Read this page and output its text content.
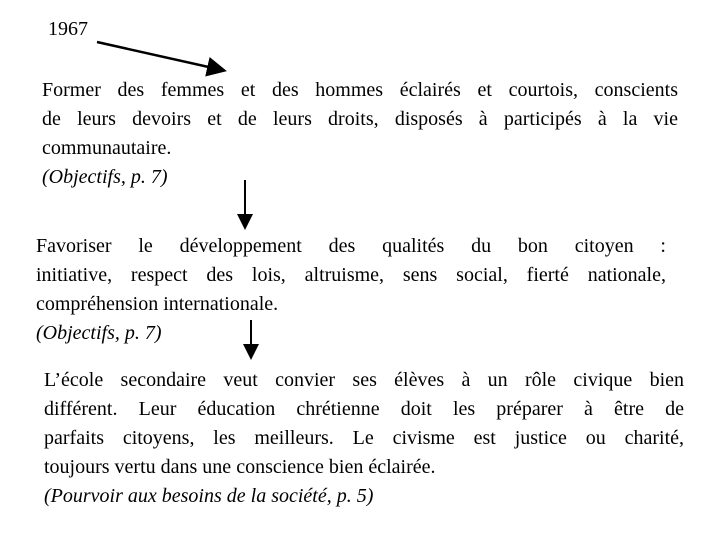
1967
Former des femmes et des hommes éclairés et courtois, conscients
de leurs devoirs et de leurs droits, disposés à participés à la vie
communautaire.
(Objectifs, p. 7)
Favoriser le développement des qualités du bon citoyen :
initiative, respect des lois, altruisme, sens social, fierté nationale,
compréhension internationale.
(Objectifs, p. 7)
L’école secondaire veut convier ses élèves à un rôle civique bien
différent. Leur éducation chrétienne doit les préparer à être de
parfaits citoyens, les meilleurs. Le civisme est justice ou charité,
toujours vertu dans une conscience bien éclairée.
(Pourvoir aux besoins de la société, p. 5)
